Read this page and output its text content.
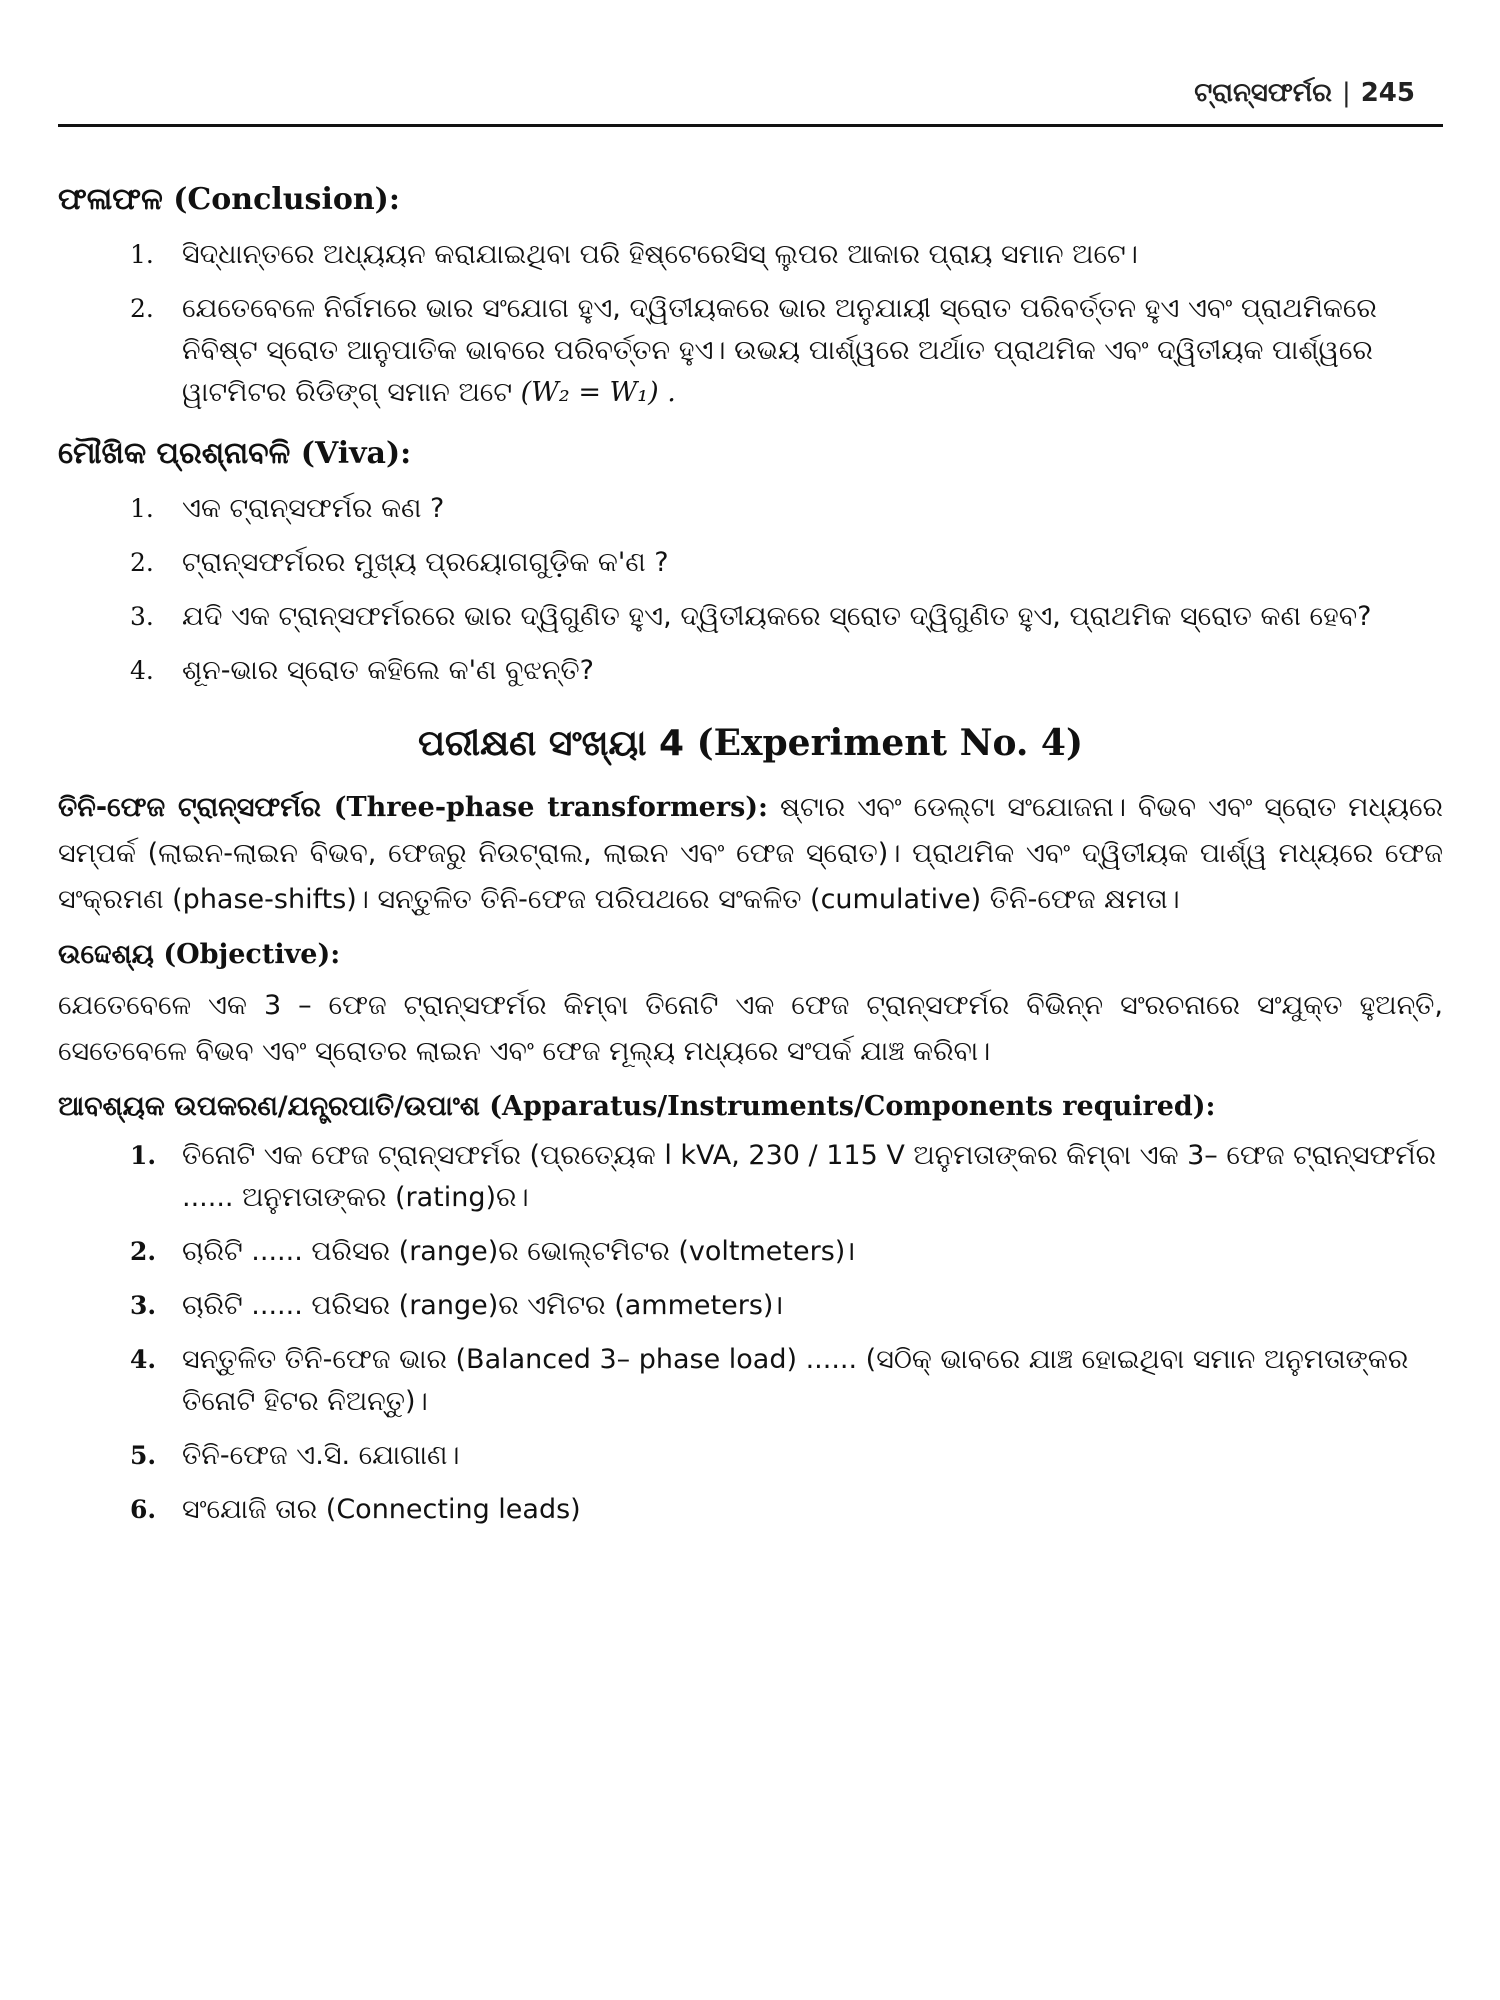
ଟ୍ରାନ୍ସଫର୍ମର | 245
ଫଳାଫଳ (Conclusion):
1. ସିଦ୍ଧାନ୍ତରେ ଅଧ୍ୟୟନ କରାଯାଇଥିବା ପରି ହିଷ୍ଟେରେସିସ୍ ଲୁପର ଆକାର ପ୍ରାୟ ସମାନ ଅଟେ।
2. ଯେତେବେଳେ ନିର୍ଗମରେ ଭାର ସଂଯୋଗ ହୁଏ, ଦ୍ୱିତୀୟକରେ ଭାର ଅନୁଯାୟୀ ସ୍ରୋତ ପରିବର୍ତ୍ତନ ହୁଏ ଏବଂ ପ୍ରାଥମିକରେ ନିବିଷ୍ଟ ସ୍ରୋତ ଆନୁପାତିକ ଭାବରେ ପରିବର୍ତ୍ତନ ହୁଏ। ଉଭୟ ପାର୍ଶ୍ୱରେ ଅର୍ଥାତ ପ୍ରାଥମିକ ଏବଂ ଦ୍ୱିତୀୟକ ପାର୍ଶ୍ୱରେ ୱାଟମିଟର ରିଡିଙ୍ଗ୍ ସମାନ ଅଟେ (W₂ = W₁) .
ମୌଖିକ ପ୍ରଶ୍ନାବଳି (Viva):
1. ଏକ ଟ୍ରାନ୍ସଫର୍ମର କଣ ?
2. ଟ୍ରାନ୍ସଫର୍ମରର ମୁଖ୍ୟ ପ୍ରୟୋଗଗୁଡ଼ିକ କ'ଣ ?
3. ଯଦି ଏକ ଟ୍ରାନ୍ସଫର୍ମରରେ ଭାର ଦ୍ୱିଗୁଣିତ ହୁଏ, ଦ୍ୱିତୀୟକରେ ସ୍ରୋତ ଦ୍ୱିଗୁଣିତ ହୁଏ, ପ୍ରାଥମିକ ସ୍ରୋତ କଣ ହେବ?
4. ଶୂନ-ଭାର ସ୍ରୋତ କହିଲେ କ'ଣ ବୁଝନ୍ତି?
ପରୀକ୍ଷଣ ସଂଖ୍ୟା 4 (Experiment No. 4)

ତିନି-ଫେଜ ଟ୍ରାନ୍ସଫର୍ମର (Three-phase transformers): ଷ୍ଟାର ଏବଂ ଡେଲ୍ଟା ସଂଯୋଜନା। ବିଭବ ଏବଂ ସ୍ରୋତ ମଧ୍ୟରେ ସମ୍ପର୍କ (ଲାଇନ-ଲାଇନ ବିଭବ, ଫେଜରୁ ନିଉଟ୍ରାଲ, ଲାଇନ ଏବଂ ଫେଜ ସ୍ରୋତ)। ପ୍ରାଥମିକ ଏବଂ ଦ୍ୱିତୀୟକ ପାର୍ଶ୍ୱ ମଧ୍ୟରେ ଫେଜ ସଂକ୍ରମଣ (phase-shifts)। ସନ୍ତୁଳିତ ତିନି-ଫେଜ ପରିପଥରେ ସଂକଳିତ (cumulative) ତିନି-ଫେଜ କ୍ଷମତା।

ଉଦ୍ଦେଶ୍ୟ (Objective):

ଯେତେବେଳେ ଏକ 3 – ଫେଜ ଟ୍ରାନ୍ସଫର୍ମର କିମ୍ବା ତିନୋଟି ଏକ ଫେଜ ଟ୍ରାନ୍ସଫର୍ମର ବିଭିନ୍ନ ସଂରଚନାରେ ସଂଯୁକ୍ତ ହୁଅନ୍ତି, ସେତେବେଳେ ବିଭବ ଏବଂ ସ୍ରୋତର ଲାଇନ ଏବଂ ଫେଜ ମୂଲ୍ୟ ମଧ୍ୟରେ ସଂପର୍କ ଯାଞ୍ଚ କରିବା।

ଆବଶ୍ୟକ ଉପକରଣ/ଯନ୍ତ୍ରପାତି/ଉପାଂଶ (Apparatus/Instruments/Components required):
1. ତିନୋଟି ଏକ ଫେଜ ଟ୍ରାନ୍ସଫର୍ମର (ପ୍ରତ୍ୟେକ l kVA, 230 / 115 V ଅନୁମତାଙ୍କର କିମ୍ବା ଏକ 3– ଫେଜ ଟ୍ରାନ୍ସଫର୍ମର ...... ଅନୁମତାଙ୍କର (rating)ର।
2. ଚାରିଟି ...... ପରିସର (range)ର ଭୋଲ୍ଟମିଟର (voltmeters)।
3. ଚାରିଟି ...... ପରିସର (range)ର ଏମିଟର (ammeters)।
4. ସନ୍ତୁଳିତ ତିନି-ଫେଜ ଭାର (Balanced 3– phase load) ...... (ସଠିକ୍ ଭାବରେ ଯାଞ୍ଚ ହୋଇଥିବା ସମାନ ଅନୁମତାଙ୍କର ତିନୋଟି ହିଟର ନିଅନ୍ତୁ)।
5. ତିନି-ଫେଜ ଏ.ସି. ଯୋଗାଣ।
6. ସଂଯୋଜି ତାର (Connecting leads)
